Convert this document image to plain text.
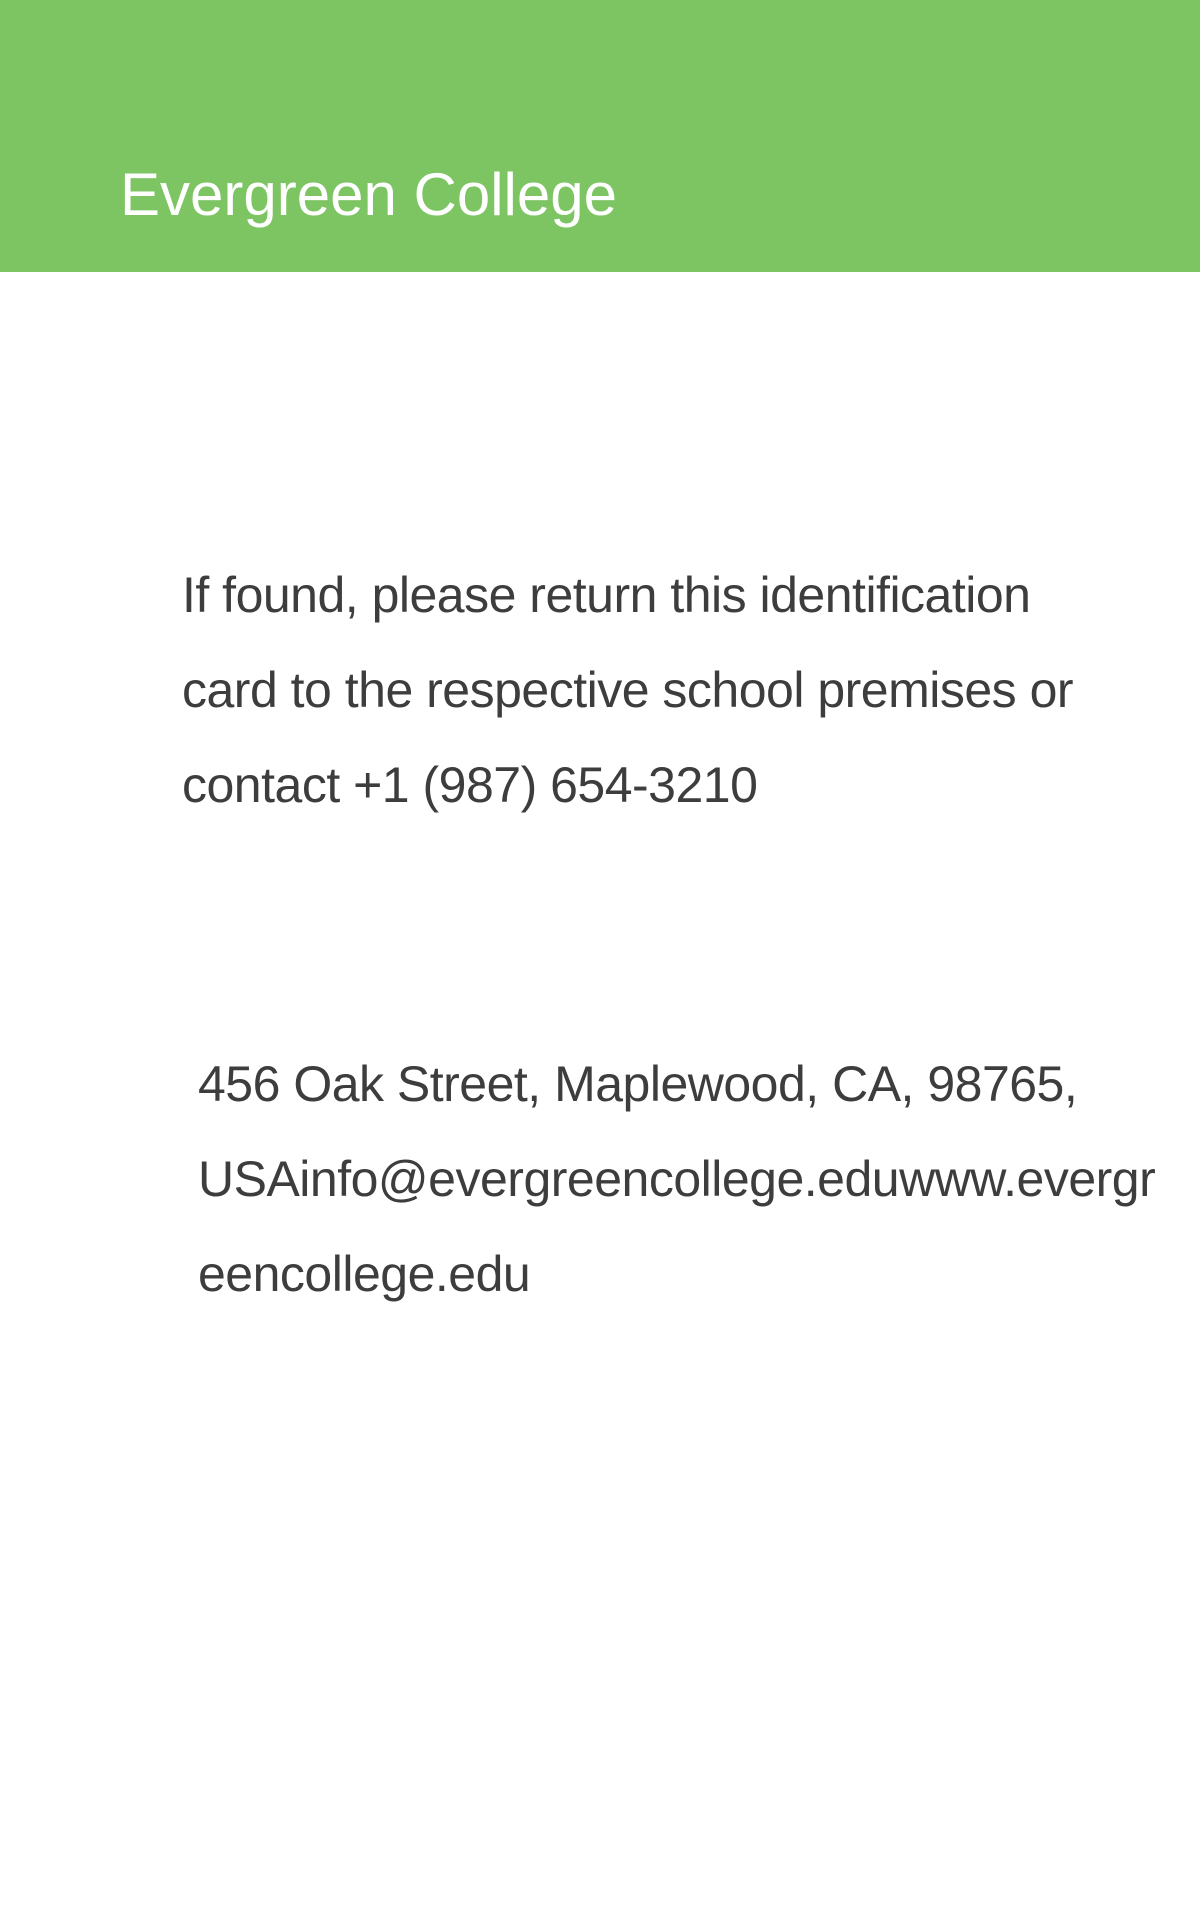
Evergreen College
If found, please return this identification
card to the respective school premises or
contact +1 (987) 654-3210
456 Oak Street, Maplewood, CA, 98765,
USAinfo@evergreencollege.eduwww.evergr
eencollege.edu
